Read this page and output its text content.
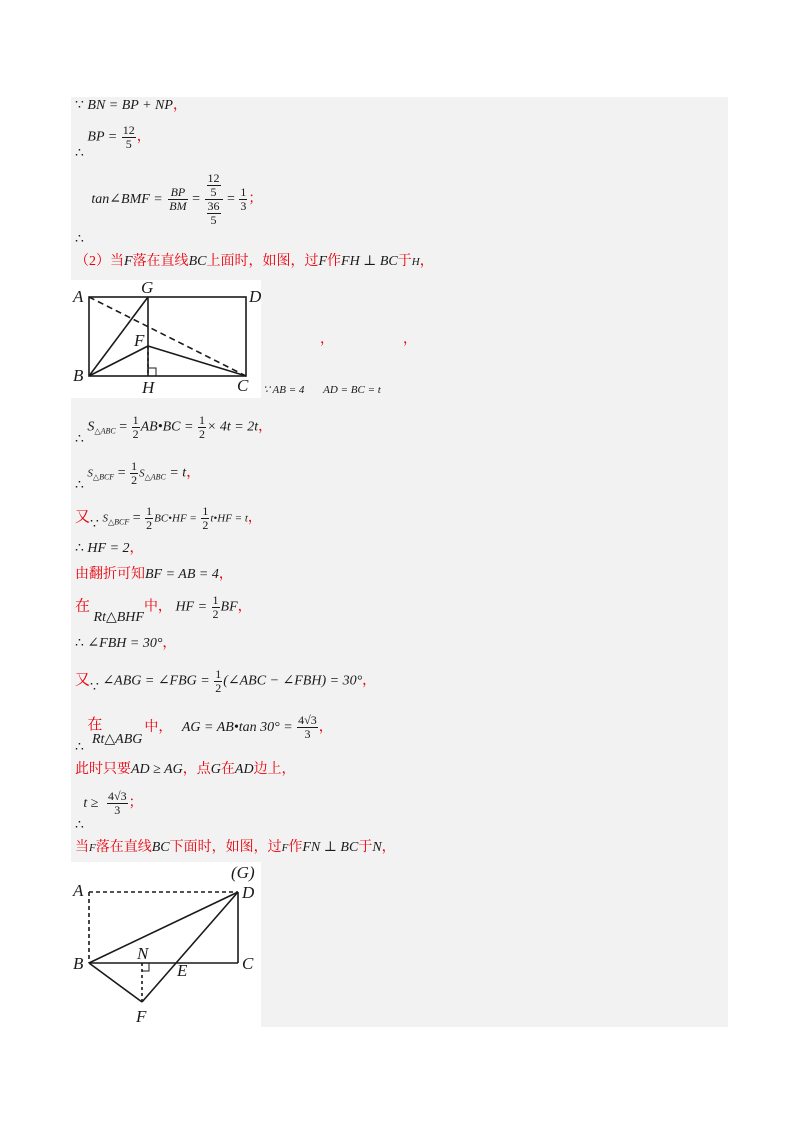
∵ BN = BP + NP，
∴ BP = $\frac{12}{5}$ ，
∴ tan∠BMF = $\frac{BP}{BM} = \frac{\frac{12}{5}}{\frac{36}{5}} = \frac{1}{3}$ ；
（2）当F落在直线BC上面时，如图，过F作FH ⊥ BC于H，
A	G	D
F
B
H	C
，	，
∵ AB = 4 AD = BC = t
∴ $S_{\triangle ABC} = \frac{1}{2}$ AB•BC = $\frac{1}{2} \times 4t = 2t$，
∴ $S_{\triangle BCF} = \frac{1}{2} S_{\triangle ABC} = t$，
又∵ $S_{\triangle BCF} = \frac{1}{2}$ BC•HF = $\frac{1}{2}$ t•HF = t，
∴ HF = 2，
由翻折可知BF = AB = 4，
在 Rt△BHF中， HF = $\frac{1}{2}$ BF，
∴ ∠FBH = 30°，
又∵ ∠ABG = ∠FBG = $\frac{1}{2}$ (∠ABC − ∠FBH) = 30°，
∴ 在 Rt△ABG中， AG = AB•tan $30^\circ = \frac{4√3}{3}$ ，
此时只要AD ≥ AG，点G在AD边上，
∴ $t \ge \frac{4√3}{3}$ ；
当F落在直线BC下面时，如图，过F作FN ⊥ BC于N，
(G)
A	D
N
B	E	C
F
